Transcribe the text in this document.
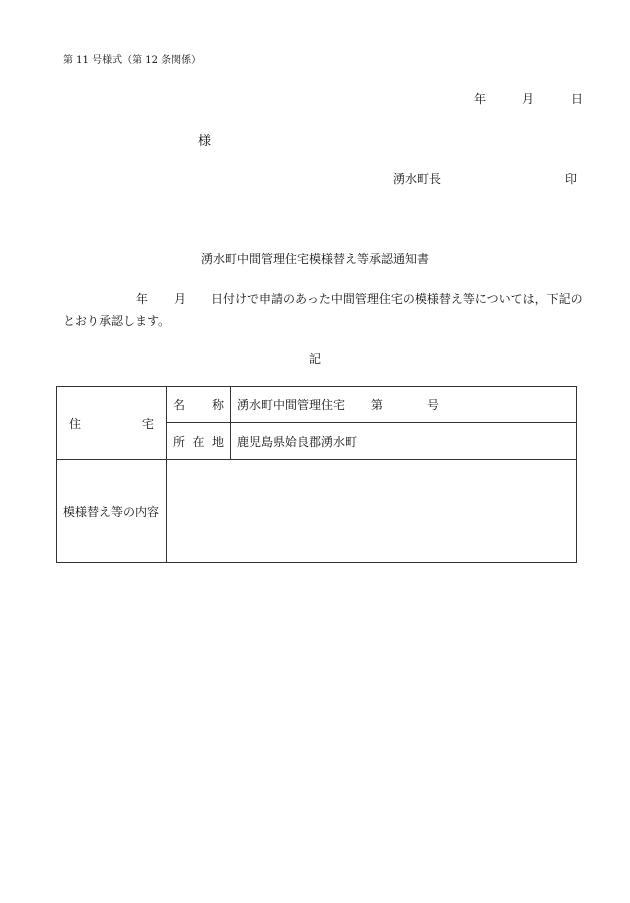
第 11 号様式（第 12 条関係）
年	月	日
様
湧水町長	印
湧水町中間管理住宅模様替え等承認通知書
年 月 日付けで申請のあった中間管理住宅の模様替え等については，下記の
とおり承認します。
記
住 宅	名 称	湧水町中間管理住宅 第 号

	所 在 地	鹿児島県姶良郡湧水町
模様替え等の内容		
